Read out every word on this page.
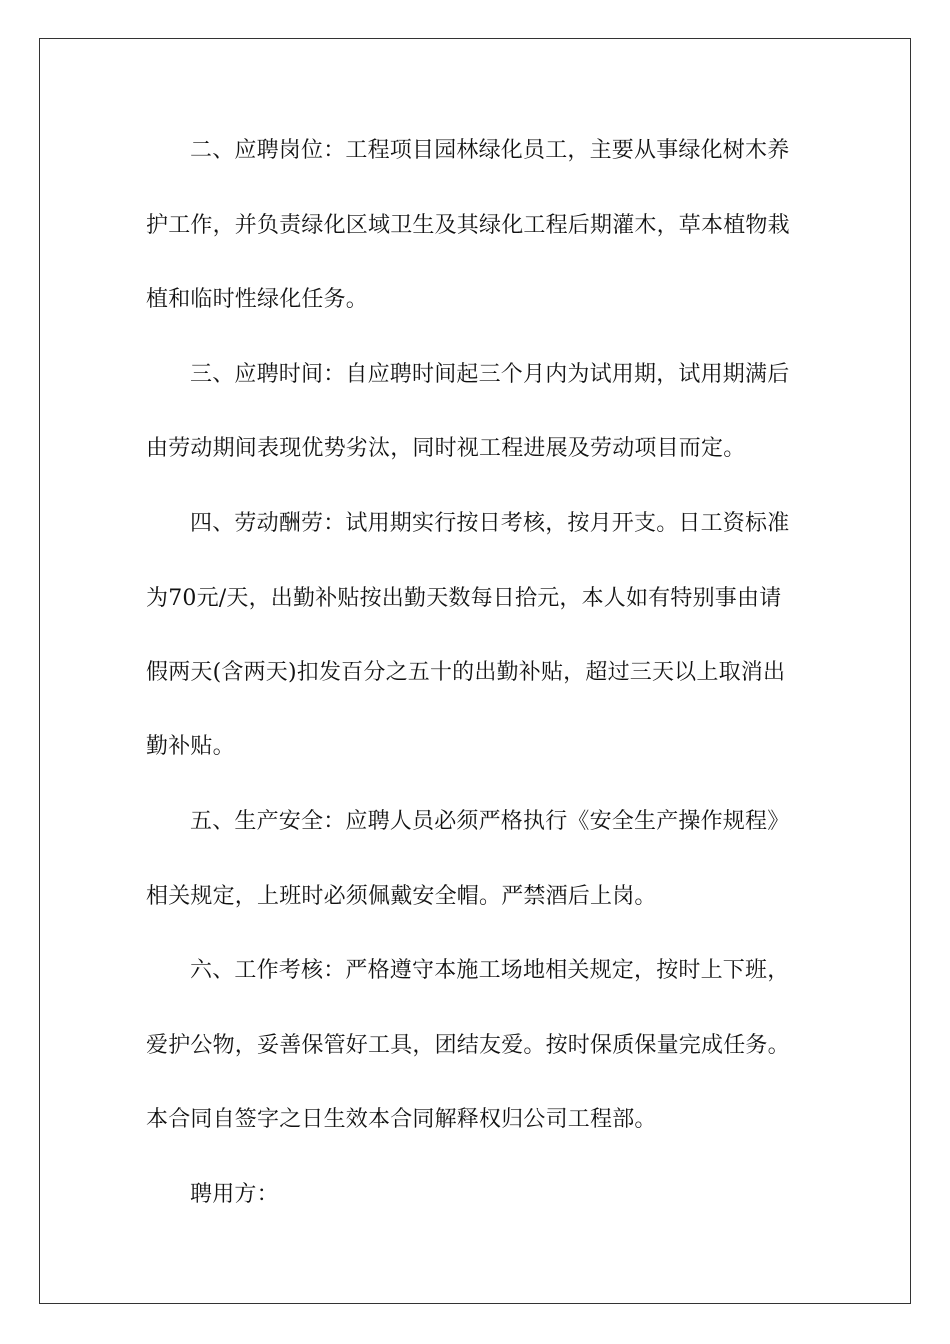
二、应聘岗位：工程项目园林绿化员工，主要从事绿化树木养

护工作，并负责绿化区域卫生及其绿化工程后期灌木，草本植物栽

植和临时性绿化任务。

三、应聘时间：自应聘时间起三个月内为试用期，试用期满后

由劳动期间表现优势劣汰，同时视工程进展及劳动项目而定。

四、劳动酬劳：试用期实行按日考核，按月开支。日工资标准

为70元/天，出勤补贴按出勤天数每日拾元，本人如有特别事由请

假两天(含两天)扣发百分之五十的出勤补贴，超过三天以上取消出

勤补贴。

五、生产安全：应聘人员必须严格执行《安全生产操作规程》

相关规定，上班时必须佩戴安全帽。严禁酒后上岗。

六、工作考核：严格遵守本施工场地相关规定，按时上下班，

爱护公物，妥善保管好工具，团结友爱。按时保质保量完成任务。

本合同自签字之日生效本合同解释权归公司工程部。

聘用方：
